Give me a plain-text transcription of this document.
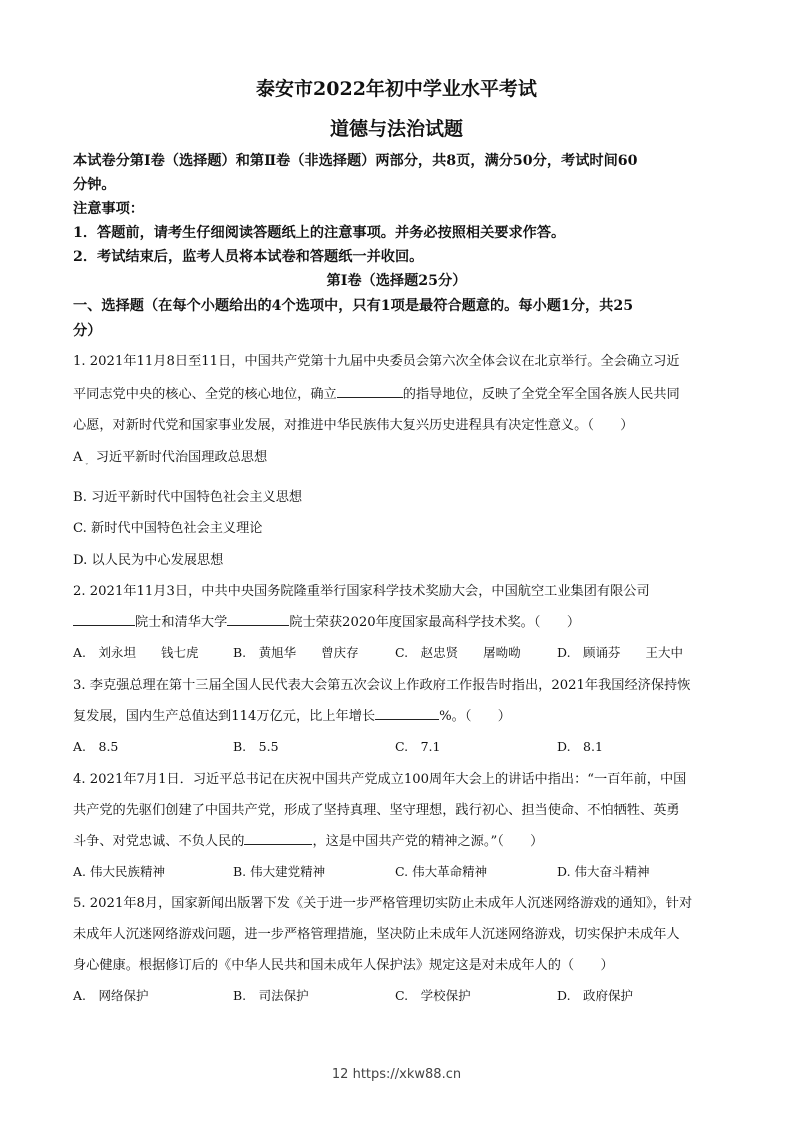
泰安市2022年初中学业水平考试
道德与法治试题
本试卷分第Ⅰ卷（选择题）和第Ⅱ卷（非选择题）两部分，共8页，满分50分，考试时间60
分钟。
注意事项：
1．答题前，请考生仔细阅读答题纸上的注意事项。并务必按照相关要求作答。
2．考试结束后，监考人员将本试卷和答题纸一并收回。
第Ⅰ卷（选择题25分）
一、选择题（在每个小题给出的4个选项中，只有1项是最符合题意的。每小题1分，共25
分）
1. 2021年11月8日至11日，中国共产党第十九届中央委员会第六次全体会议在北京举行。全会确立习近
平同志党中央的核心、全党的核心地位，确立	的指导地位，反映了全党全军全国各族人民共同
心愿，对新时代党和国家事业发展，对推进中华民族伟大复兴历史进程具有决定性意义。（　　）
A　习近平新时代治国理政总思想
ˇ
B. 习近平新时代中国特色社会主义思想
C. 新时代中国特色社会主义理论
D. 以人民为中心发展思想
2. 2021年11月3日，中共中央国务院隆重举行国家科学技术奖励大会，中国航空工业集团有限公司
院士和清华大学	院士荣获2020年度国家最高科学技术奖。（　　）
A.　刘永坦　　钱七虎	B.　黄旭华　　曾庆存	C.　赵忠贤　　屠呦呦	D.　顾诵芬　　王大中
3. 李克强总理在第十三届全国人民代表大会第五次会议上作政府工作报告时指出，2021年我国经济保持恢
复发展，国内生产总值达到114万亿元，比上年增长	%。（　　）
A.　8.5	B.　5.5	C.　7.1	D.　8.1
4. 2021年7月1日．习近平总书记在庆祝中国共产党成立100周年大会上的讲话中指出：“一百年前，中国
共产党的先驱们创建了中国共产党，形成了坚持真理、坚守理想，践行初心、担当使命、不怕牺牲、英勇
斗争、对党忠诚、不负人民的	，这是中国共产党的精神之源。”（　　）
A. 伟大民族精神	B. 伟大建党精神	C. 伟大革命精神	D. 伟大奋斗精神
5. 2021年8月，国家新闻出版署下发《关于进一步严格管理切实防止未成年人沉迷网络游戏的通知》，针对
未成年人沉迷网络游戏问题，进一步严格管理措施，坚决防止未成年人沉迷网络游戏，切实保护未成年人
身心健康。根据修订后的《中华人民共和国未成年人保护法》规定这是对未成年人的（　　）
A.　网络保护	B.　司法保护	C.　学校保护	D.　政府保护
12 https://xkw88.cn
